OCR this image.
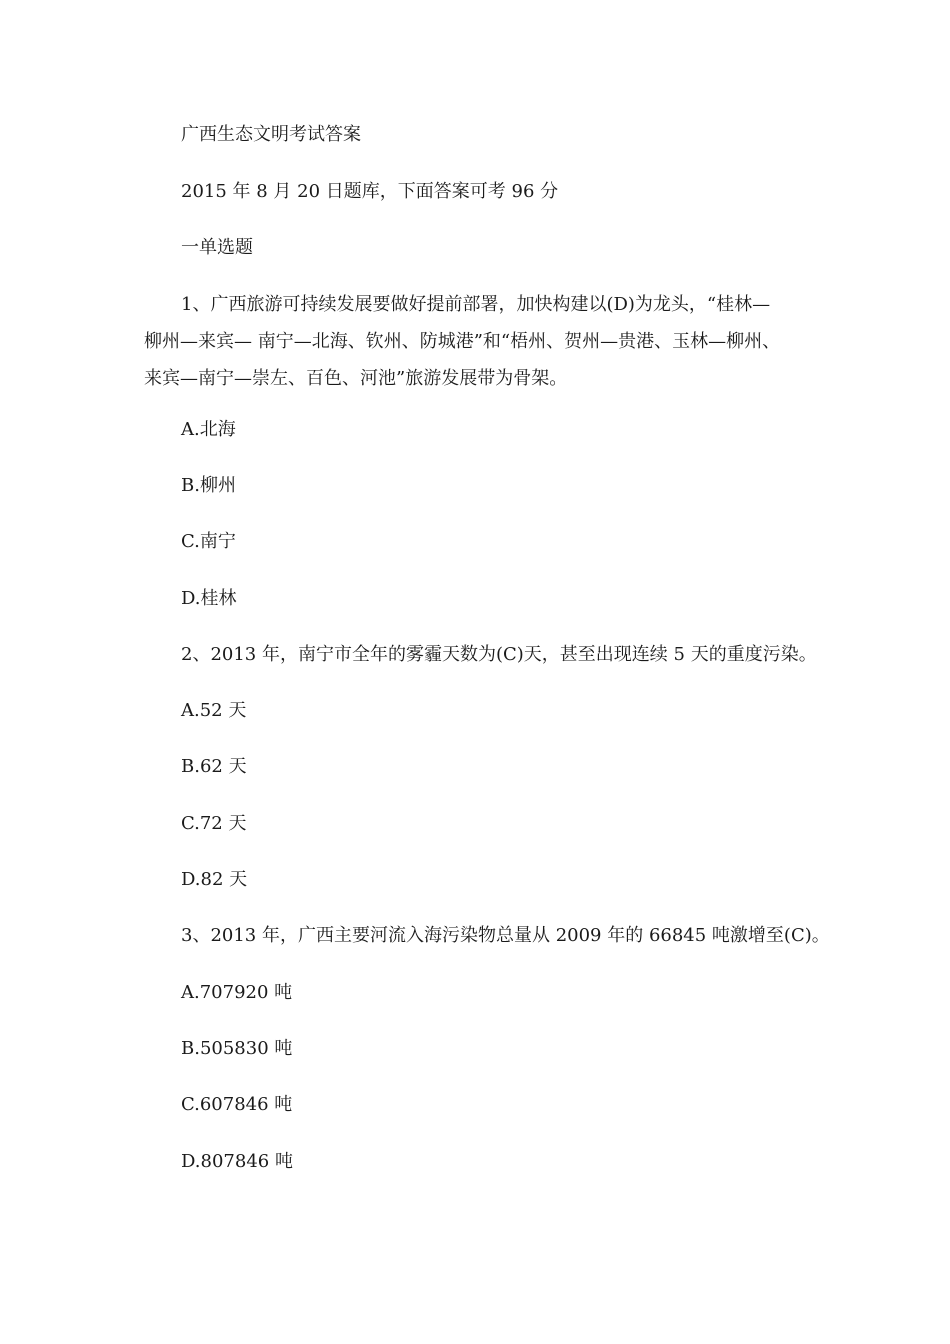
广西生态文明考试答案
2015 年 8 月 20 日题库，下面答案可考 96 分
一单选题
1、广西旅游可持续发展要做好提前部署，加快构建以(D)为龙头，“桂林—
柳州—来宾— 南宁—北海、钦州、防城港”和“梧州、贺州—贵港、玉林—柳州、
来宾—南宁—崇左、百色、河池”旅游发展带为骨架。
A.北海
B.柳州
C.南宁
D.桂林
2、2013 年，南宁市全年的雾霾天数为(C)天，甚至出现连续 5 天的重度污染。
A.52 天
B.62 天
C.72 天
D.82 天
3、2013 年，广西主要河流入海污染物总量从 2009 年的 66845 吨激增至(C)。
A.707920 吨
B.505830 吨
C.607846 吨
D.807846 吨
